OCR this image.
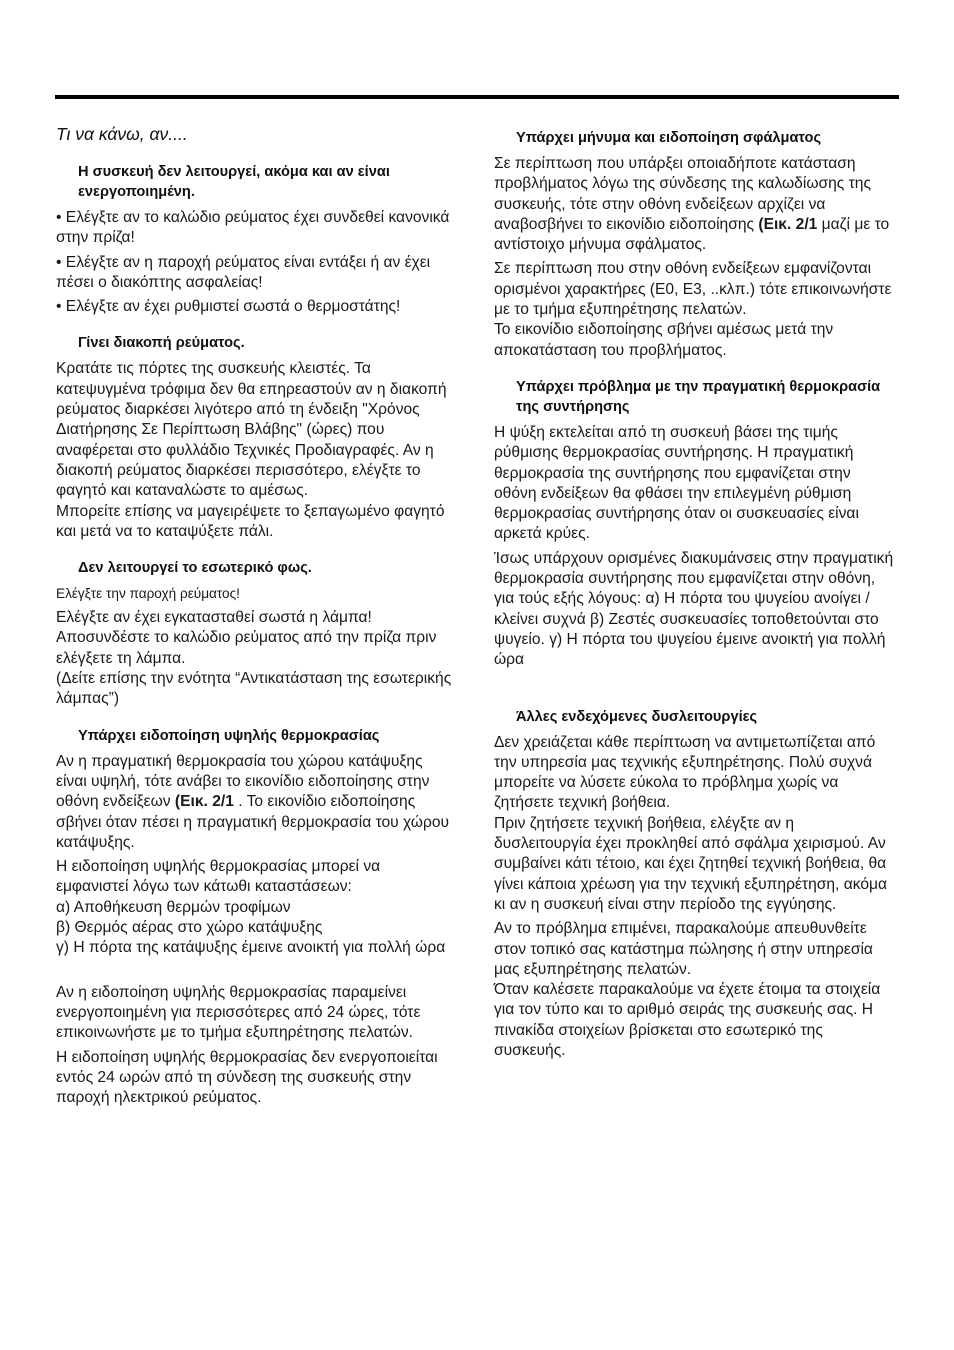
Τι να κάνω, αν....
Η συσκευή δεν λειτουργεί, ακόμα και αν είναι ενεργοποιημένη.
• Ελέγξτε αν το καλώδιο ρεύματος έχει συνδεθεί κανονικά στην πρίζα!
• Ελέγξτε αν η παροχή ρεύματος είναι εντάξει ή αν έχει πέσει ο διακόπτης ασφαλείας!
• Ελέγξτε αν έχει ρυθμιστεί σωστά ο θερμοστάτης!
Γίνει διακοπή ρεύματος.
Κρατάτε τις πόρτες της συσκευής κλειστές. Τα κατεψυγμένα τρόφιμα δεν θα επηρεαστούν αν η διακοπή ρεύματος διαρκέσει λιγότερο από τη ένδειξη "Χρόνος Διατήρησης Σε Περίπτωση Βλάβης" (ώρες) που αναφέρεται στο φυλλάδιο Τεχνικές Προδιαγραφές. Αν η διακοπή ρεύματος διαρκέσει περισσότερο, ελέγξτε το φαγητό και καταναλώστε το αμέσως.
Μπορείτε επίσης να μαγειρέψετε το ξεπαγωμένο φαγητό και μετά να το καταψύξετε πάλι.
Δεν λειτουργεί το εσωτερικό φως.
Ελέγξτε την παροχή ρεύματος!
Ελέγξτε αν έχει εγκατασταθεί σωστά η λάμπα! Αποσυνδέστε το καλώδιο ρεύματος από την πρίζα πριν ελέγξετε τη λάμπα.
(Δείτε επίσης την ενότητα “Αντικατάσταση της εσωτερικής λάμπας”)
Υπάρχει ειδοποίηση υψηλής θερμοκρασίας
Αν η πραγματική θερμοκρασία του χώρου κατάψυξης είναι υψηλή, τότε ανάβει το εικονίδιο ειδοποίησης στην οθόνη ενδείξεων (Εικ. 2/1 . Το εικονίδιο ειδοποίησης σβήνει όταν πέσει η πραγματική θερμοκρασία του χώρου κατάψυξης.
Η ειδοποίηση υψηλής θερμοκρασίας μπορεί να εμφανιστεί λόγω των κάτωθι καταστάσεων:
α) Αποθήκευση θερμών τροφίμων
β) Θερμός αέρας στο χώρο κατάψυξης
γ) Η πόρτα της κατάψυξης έμεινε ανοικτή για πολλή ώρα
Αν η ειδοποίηση υψηλής θερμοκρασίας παραμείνει ενεργοποιημένη για περισσότερες από 24 ώρες, τότε επικοινωνήστε με το τμήμα εξυπηρέτησης πελατών.
Η ειδοποίηση υψηλής θερμοκρασίας δεν ενεργοποιείται εντός 24 ωρών από τη σύνδεση της συσκευής στην παροχή ηλεκτρικού ρεύματος.
Υπάρχει μήνυμα και ειδοποίηση σφάλματος
Σε περίπτωση που υπάρξει οποιαδήποτε κατάσταση προβλήματος λόγω της σύνδεσης της καλωδίωσης της συσκευής, τότε στην οθόνη ενδείξεων αρχίζει να αναβοσβήνει το εικονίδιο ειδοποίησης (Εικ. 2/1 μαζί με το αντίστοιχο μήνυμα σφάλματος.
Σε περίπτωση που στην οθόνη ενδείξεων εμφανίζονται ορισμένοι χαρακτήρες (E0, E3, ..κλπ.) τότε επικοινωνήστε με το τμήμα εξυπηρέτησης πελατών.
Το εικονίδιο ειδοποίησης σβήνει αμέσως μετά την αποκατάσταση του προβλήματος.
Υπάρχει πρόβλημα με την πραγματική θερμοκρασία της συντήρησης
Η ψύξη εκτελείται από τη συσκευή βάσει της τιμής ρύθμισης θερμοκρασίας συντήρησης. Η πραγματική θερμοκρασία της συντήρησης που εμφανίζεται στην οθόνη ενδείξεων θα φθάσει την επιλεγμένη ρύθμιση θερμοκρασίας συντήρησης όταν οι συσκευασίες είναι αρκετά κρύες.
Ίσως υπάρχουν ορισμένες διακυμάνσεις στην πραγματική θερμοκρασία συντήρησης που εμφανίζεται στην οθόνη, για τούς εξής λόγους: α) Η πόρτα του ψυγείου ανοίγει / κλείνει συχνά β) Ζεστές συσκευασίες τοποθετούνται στο ψυγείο. γ) Η πόρτα του ψυγείου έμεινε ανοικτή για πολλή ώρα
Άλλες ενδεχόμενες δυσλειτουργίες
Δεν χρειάζεται κάθε περίπτωση να αντιμετωπίζεται από την υπηρεσία μας τεχνικής εξυπηρέτησης. Πολύ συχνά μπορείτε να λύσετε εύκολα το πρόβλημα χωρίς να ζητήσετε τεχνική βοήθεια.
Πριν ζητήσετε τεχνική βοήθεια, ελέγξτε αν η δυσλειτουργία έχει προκληθεί από σφάλμα χειρισμού. Αν συμβαίνει κάτι τέτοιο, και έχει ζητηθεί τεχνική βοήθεια, θα γίνει κάποια χρέωση για την τεχνική εξυπηρέτηση, ακόμα κι αν η συσκευή είναι στην περίοδο της εγγύησης.
Αν το πρόβλημα επιμένει, παρακαλούμε απευθυνθείτε στον τοπικό σας κατάστημα πώλησης ή στην υπηρεσία μας εξυπηρέτησης πελατών.
Όταν καλέσετε παρακαλούμε να έχετε έτοιμα τα στοιχεία για τον τύπο και το αριθμό σειράς της συσκευής σας. Η πινακίδα στοιχείων βρίσκεται στο εσωτερικό της συσκευής.
